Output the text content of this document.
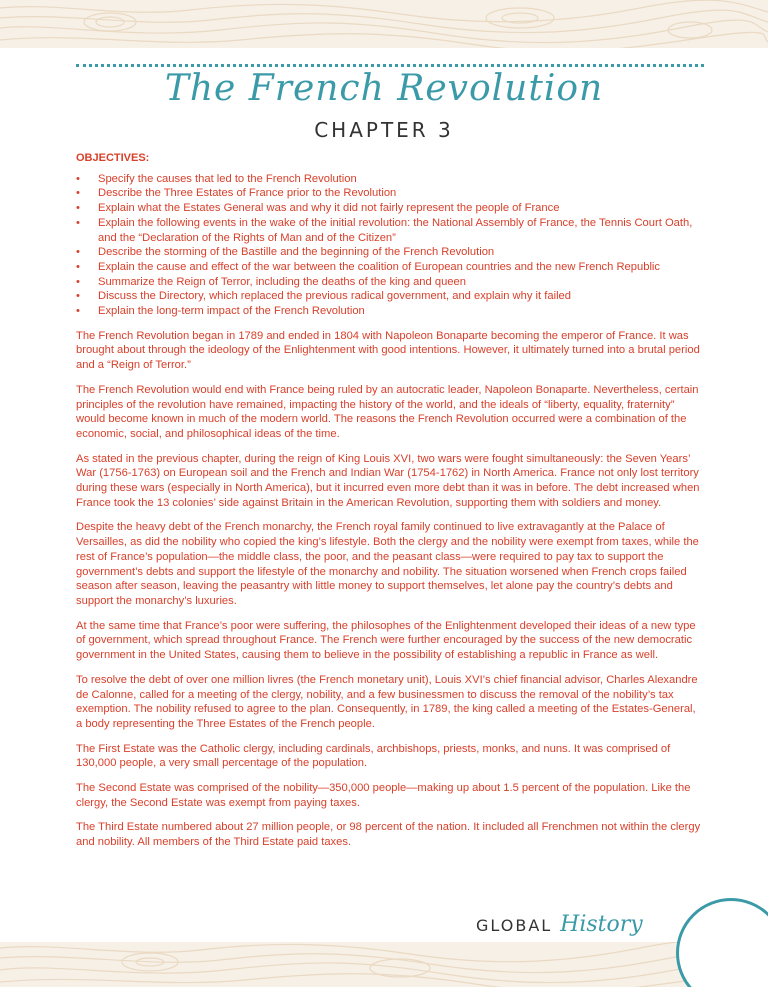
The French Revolution
CHAPTER 3
OBJECTIVES:
• Specify the causes that led to the French Revolution
• Describe the Three Estates of France prior to the Revolution
• Explain what the Estates General was and why it did not fairly represent the people of France
• Explain the following events in the wake of the initial revolution: the National Assembly of France, the Tennis Court Oath, and the “Declaration of the Rights of Man and of the Citizen”
• Describe the storming of the Bastille and the beginning of the French Revolution
• Explain the cause and effect of the war between the coalition of European countries and the new French Republic
• Summarize the Reign of Terror, including the deaths of the king and queen
• Discuss the Directory, which replaced the previous radical government, and explain why it failed
• Explain the long-term impact of the French Revolution

The French Revolution began in 1789 and ended in 1804 with Napoleon Bonaparte becoming the emperor of France. It was brought about through the ideology of the Enlightenment with good intentions. However, it ultimately turned into a brutal period and a “Reign of Terror.”

The French Revolution would end with France being ruled by an autocratic leader, Napoleon Bonaparte. Nevertheless, certain principles of the revolution have remained, impacting the history of the world, and the ideals of “liberty, equality, fraternity” would become known in much of the modern world. The reasons the French Revolution occurred were a combination of the economic, social, and philosophical ideas of the time.

As stated in the previous chapter, during the reign of King Louis XVI, two wars were fought simultaneously: the Seven Years’ War (1756-1763) on European soil and the French and Indian War (1754-1762) in North America. France not only lost territory during these wars (especially in North America), but it incurred even more debt than it was in before. The debt increased when France took the 13 colonies’ side against Britain in the American Revolution, supporting them with soldiers and money.

Despite the heavy debt of the French monarchy, the French royal family continued to live extravagantly at the Palace of Versailles, as did the nobility who copied the king’s lifestyle. Both the clergy and the nobility were exempt from taxes, while the rest of France’s population—the middle class, the poor, and the peasant class—were required to pay tax to support the government’s debts and support the lifestyle of the monarchy and nobility. The situation worsened when French crops failed season after season, leaving the peasantry with little money to support themselves, let alone pay the country’s debts and support the monarchy’s luxuries.

At the same time that France’s poor were suffering, the philosophes of the Enlightenment developed their ideas of a new type of government, which spread throughout France. The French were further encouraged by the success of the new democratic government in the United States, causing them to believe in the possibility of establishing a republic in France as well.

To resolve the debt of over one million livres (the French monetary unit), Louis XVI’s chief financial advisor, Charles Alexandre de Calonne, called for a meeting of the clergy, nobility, and a few businessmen to discuss the removal of the nobility’s tax exemption. The nobility refused to agree to the plan. Consequently, in 1789, the king called a meeting of the Estates-General, a body representing the Three Estates of the French people.

The First Estate was the Catholic clergy, including cardinals, archbishops, priests, monks, and nuns. It was comprised of 130,000 people, a very small percentage of the population.

The Second Estate was comprised of the nobility—350,000 people—making up about 1.5 percent of the population. Like the clergy, the Second Estate was exempt from paying taxes.

The Third Estate numbered about 27 million people, or 98 percent of the nation. It included all Frenchmen not within the clergy and nobility. All members of the Third Estate paid taxes.

GLOBAL History
